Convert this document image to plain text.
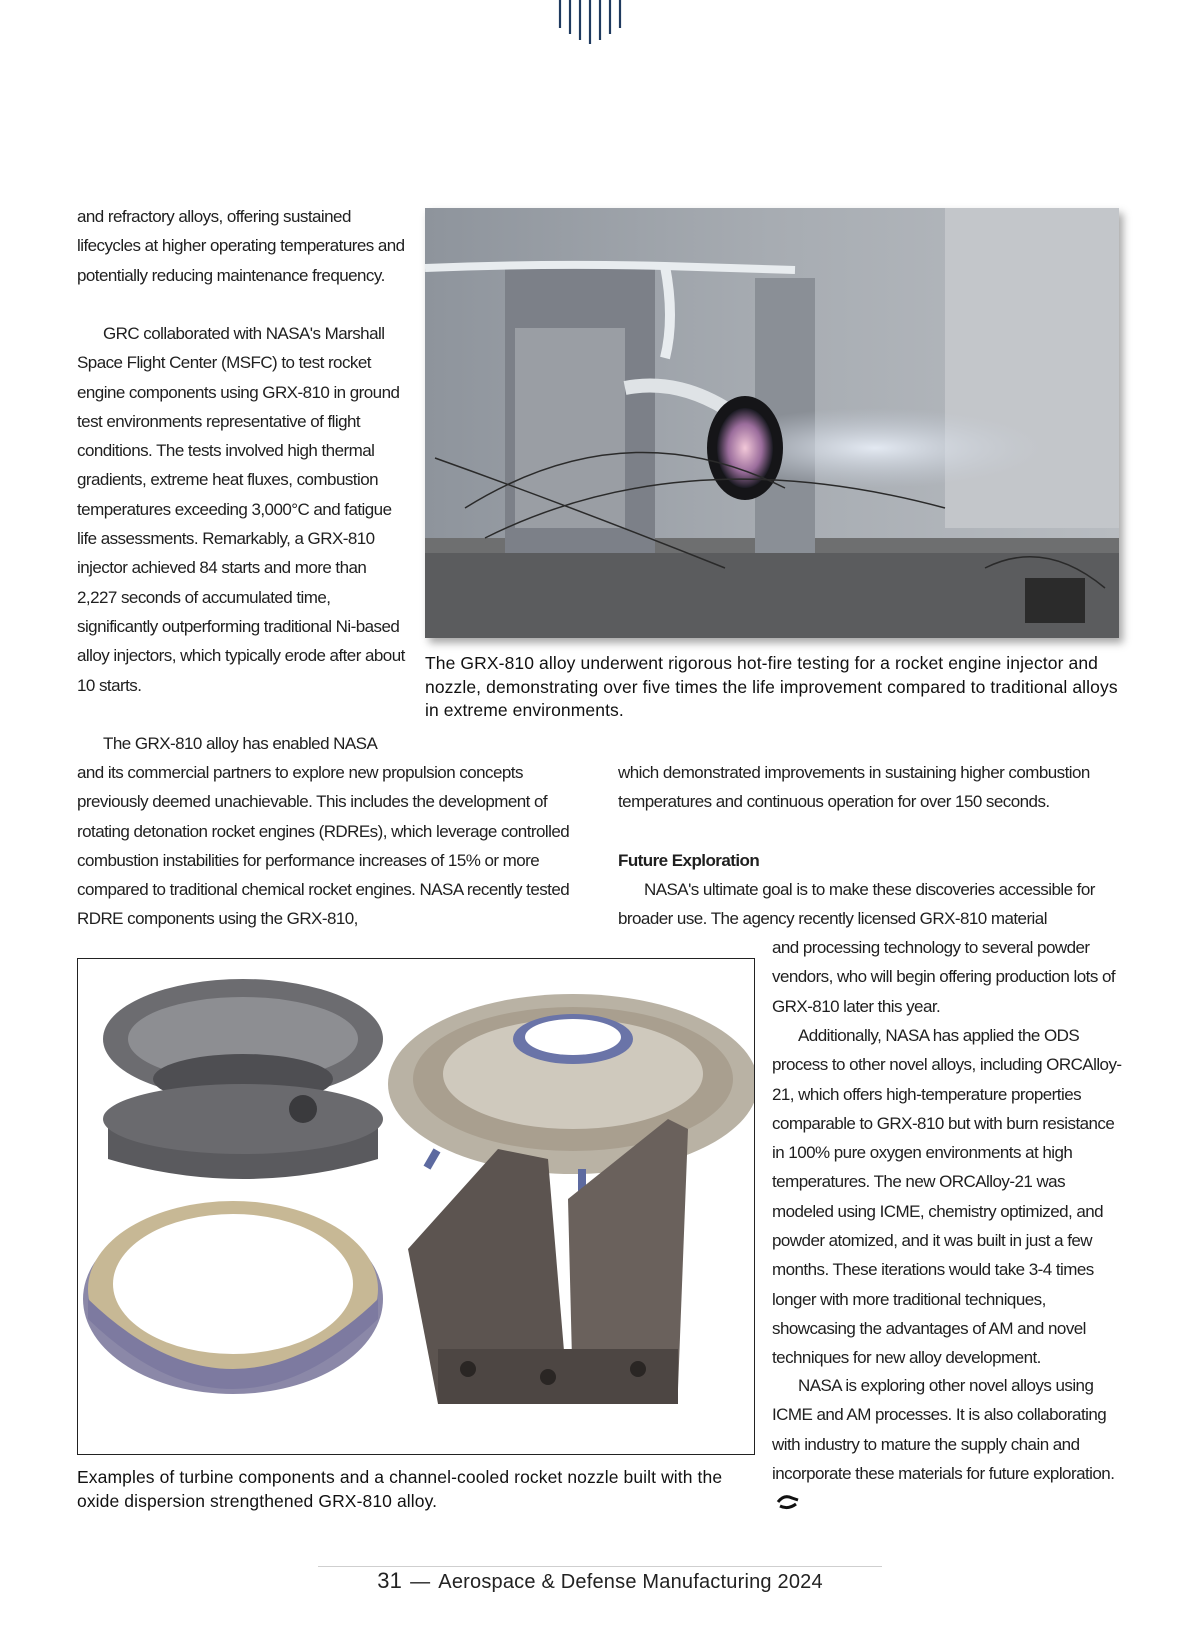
and refractory alloys, offering sustained lifecycles at higher operating temperatures and potentially reducing maintenance frequency.

GRC collaborated with NASA's Marshall Space Flight Center (MSFC) to test rocket engine components using GRX-810 in ground test environments representative of flight conditions. The tests involved high thermal gradients, extreme heat fluxes, combustion temperatures exceeding 3,000°C and fatigue life assessments. Remarkably, a GRX-810 injector achieved 84 starts and more than 2,227 seconds of accumulated time, significantly outperforming traditional Ni-based alloy injectors, which typically erode after about 10 starts.

The GRX-810 alloy has enabled NASA

The GRX-810 alloy underwent rigorous hot-fire testing for a rocket engine injector and nozzle, demonstrating over five times the life improvement compared to traditional alloys in extreme environments.

and its commercial partners to explore new propulsion concepts previously deemed unachievable. This includes the development of rotating detonation rocket engines (RDREs), which leverage controlled combustion instabilities for performance increases of 15% or more compared to traditional chemical rocket engines. NASA recently tested RDRE components using the GRX-810,

which demonstrated improvements in sustaining higher combustion temperatures and continuous operation for over 150 seconds.

Future Exploration

NASA's ultimate goal is to make these discoveries accessible for broader use. The agency recently licensed GRX-810 material

Examples of turbine components and a channel-cooled rocket nozzle built with the oxide dispersion strengthened GRX-810 alloy.

and processing technology to several powder vendors, who will begin offering production lots of GRX-810 later this year.

Additionally, NASA has applied the ODS process to other novel alloys, including ORCAlloy-21, which offers high-temperature properties comparable to GRX-810 but with burn resistance in 100% pure oxygen environments at high temperatures. The new ORCAlloy-21 was modeled using ICME, chemistry optimized, and powder atomized, and it was built in just a few months. These iterations would take 3-4 times longer with more traditional techniques, showcasing the advantages of AM and novel techniques for new alloy development.

NASA is exploring other novel alloys using ICME and AM processes. It is also collaborating with industry to mature the supply chain and incorporate these materials for future exploration.

31 — Aerospace & Defense Manufacturing 2024
